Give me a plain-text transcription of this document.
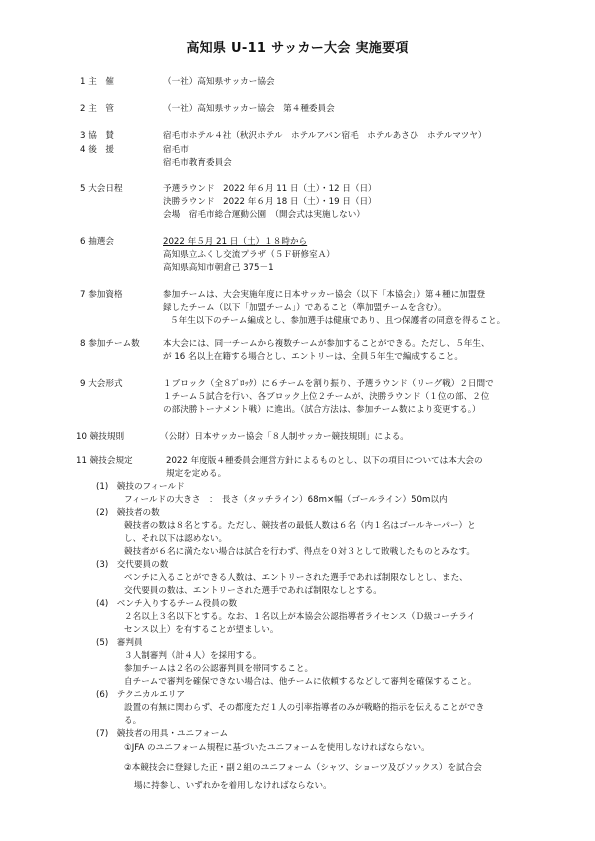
高知県 U-11 サッカー大会 実施要項
1 主　催	（一社）高知県サッカー協会
2 主　管	（一社）高知県サッカー協会　第４種委員会
3 協　賛	宿毛市ホテル４社（秋沢ホテル　ホテルアバン宿毛　ホテルあさひ　ホテルマツヤ）
4 後　援	宿毛市
宿毛市教育委員会
5 大会日程	予選ラウンド　2022 年６月 11 日（土）・12 日（日）
決勝ラウンド　2022 年６月 18 日（土）・19 日（日）
会場　宿毛市総合運動公園　（開会式は実施しない）
6 抽選会	2022 年５月 21 日（土）１８時から
高知県立ふくし交流プラザ（５Ｆ研修室Ａ）
高知県高知市朝倉己 375－1
7 参加資格	参加チームは、大会実施年度に日本サッカー協会（以下「本協会」）第４種に加盟登
録したチーム（以下「加盟チーム」）であること（準加盟チームを含む）。
５年生以下のチーム編成とし、参加選手は健康であり、且つ保護者の同意を得ること。
8 参加チーム数	本大会には、同一チームから複数チームが参加することができる。ただし、５年生、
が 16 名以上在籍する場合とし、エントリーは、全員５年生で編成すること。
9 大会形式	１ブロック（全８ﾌﾞﾛｯｸ）に６チームを割り振り、予選ラウンド（リーグ戦）２日間で
１チーム５試合を行い、各ブロック上位２チームが、決勝ラウンド（１位の部、２位
の部決勝トーナメント戦）に進出。（試合方法は、参加チーム数により変更する。）
10 競技規則	（公財）日本サッカー協会「８人制サッカー競技規則」による。
11 競技会規定	2022 年度版４種委員会運営方針によるものとし、以下の項目については本大会の
規定を定める。
(1)　競技のフィールド
フィールドの大きさ　：　長さ（タッチライン）68m×幅（ゴールライン）50m以内
(2)　競技者の数
競技者の数は８名とする。ただし、競技者の最低人数は６名（内１名はゴールキーパー）と
し、それ以下は認めない。
競技者が６名に満たない場合は試合を行わず、得点を０対３として敗戦したものとみなす。
(3)　交代要員の数
ベンチに入ることができる人数は、エントリーされた選手であれば制限なしとし、また、
交代要員の数は、エントリーされた選手であれば制限なしとする。
(4)　ベンチ入りするチーム役員の数
２名以上３名以下とする。なお、１名以上が本協会公認指導者ライセンス（Ｄ級コーチライ
センス以上）を有することが望ましい。
(5)　審判員
３人制審判（計４人）を採用する。
参加チームは２名の公認審判員を帯同すること。
自チームで審判を確保できない場合は、他チームに依頼するなどして審判を確保すること。
(6)　テクニカルエリア
設置の有無に関わらず、その都度ただ１人の引率指導者のみが戦略的指示を伝えることができ
る。
(7)　競技者の用具・ユニフォーム
①JFA のユニフォーム規程に基づいたユニフォームを使用しなければならない。
②本競技会に登録した正・副２組のユニフォーム（シャツ、ショーツ及びソックス）を試合会
場に持参し、いずれかを着用しなければならない。
